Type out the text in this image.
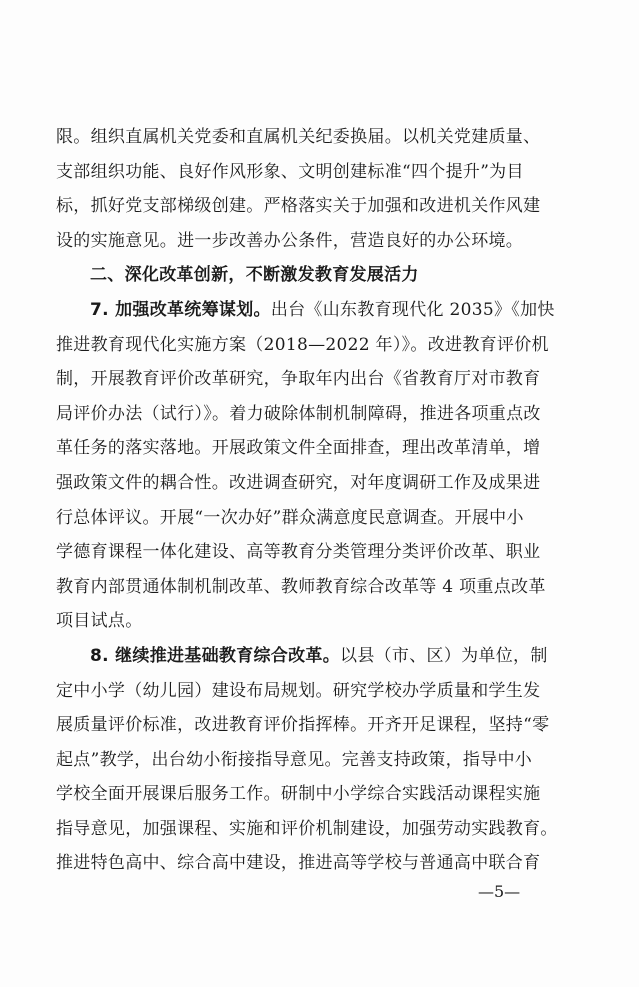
限。组织直属机关党委和直属机关纪委换届。以机关党建质量、
支部组织功能、良好作风形象、文明创建标准“四个提升”为目
标，抓好党支部梯级创建。严格落实关于加强和改进机关作风建
设的实施意见。进一步改善办公条件，营造良好的办公环境。
二、深化改革创新，不断激发教育发展活力
7. 加强改革统筹谋划。出台《山东教育现代化 2035》《加快
推进教育现代化实施方案（2018—2022 年）》。改进教育评价机
制，开展教育评价改革研究，争取年内出台《省教育厅对市教育
局评价办法（试行）》。着力破除体制机制障碍，推进各项重点改
革任务的落实落地。开展政策文件全面排查，理出改革清单，增
强政策文件的耦合性。改进调查研究，对年度调研工作及成果进
行总体评议。开展“一次办好”群众满意度民意调查。开展中小
学德育课程一体化建设、高等教育分类管理分类评价改革、职业
教育内部贯通体制机制改革、教师教育综合改革等 4 项重点改革
项目试点。
8. 继续推进基础教育综合改革。以县（市、区）为单位，制
定中小学（幼儿园）建设布局规划。研究学校办学质量和学生发
展质量评价标准，改进教育评价指挥棒。开齐开足课程，坚持“零
起点”教学，出台幼小衔接指导意见。完善支持政策，指导中小
学校全面开展课后服务工作。研制中小学综合实践活动课程实施
指导意见，加强课程、实施和评价机制建设，加强劳动实践教育。
推进特色高中、综合高中建设，推进高等学校与普通高中联合育
—5—
